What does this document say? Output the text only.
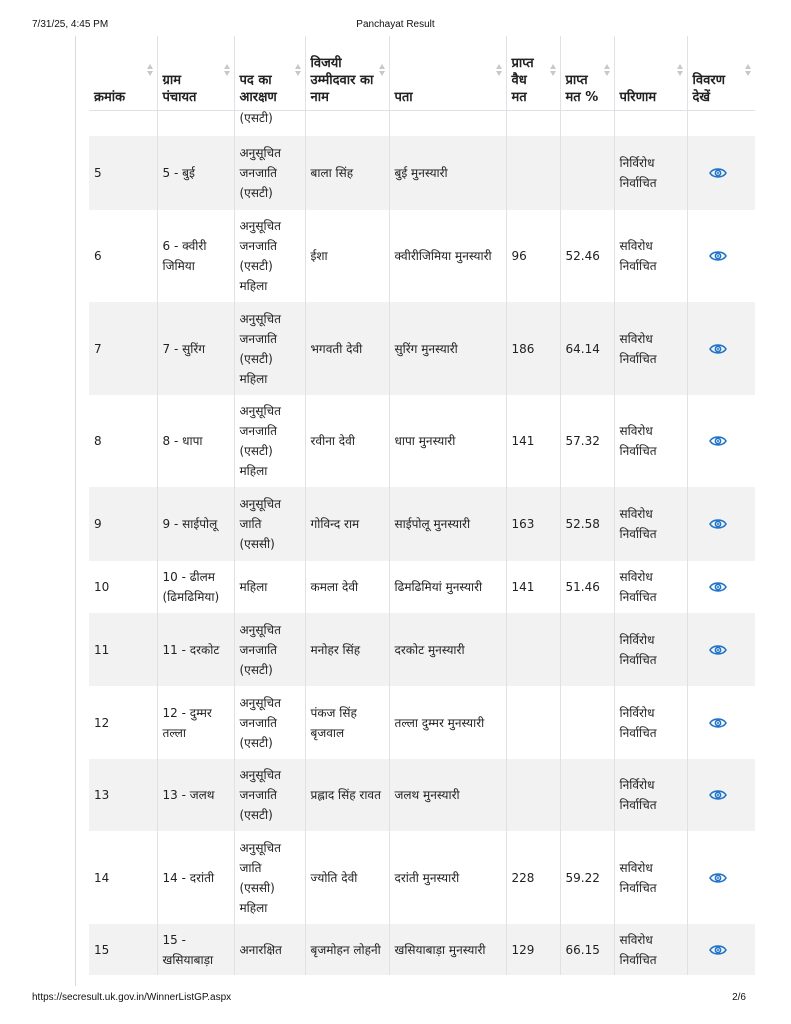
7/31/25, 4:45 PM	Panchayat Result
क्रमांक	ग्राम पंचायत	पद का आरक्षण	विजयी उम्मीदवार का नाम	पता	प्राप्त वैध मत	प्राप्त मत %	परिणाम	विवरण देखें

		(एसटी)						
5	5 - बुई	अनुसूचित जनजाति (एसटी)	बाला सिंह	बुई मुनस्यारी			निर्विरोध निर्वाचित	

6	6 - क्वीरी जिमिया	अनुसूचित जनजाति (एसटी) महिला	ईशा	क्वीरीजिमिया मुनस्यारी	96	52.46	सविरोध निर्वाचित	

7	7 - सुरिंग	अनुसूचित जनजाति (एसटी) महिला	भगवती देवी	सुरिंग मुनस्यारी	186	64.14	सविरोध निर्वाचित	

8	8 - धापा	अनुसूचित जनजाति (एसटी) महिला	रवीना देवी	धापा मुनस्यारी	141	57.32	सविरोध निर्वाचित	

9	9 - साईपोलू	अनुसूचित जाति (एससी)	गोविन्द राम	साईपोलू मुनस्यारी	163	52.58	सविरोध निर्वाचित	

10	10 - ढीलम (ढिमढिमिया)	महिला	कमला देवी	ढिमढिमियां मुनस्यारी	141	51.46	सविरोध निर्वाचित	

11	11 - दरकोट	अनुसूचित जनजाति (एसटी)	मनोहर सिंह	दरकोट मुनस्यारी			निर्विरोध निर्वाचित	

12	12 - दुम्मर तल्ला	अनुसूचित जनजाति (एसटी)	पंकज सिंह बृजवाल	तल्ला दुम्मर मुनस्यारी			निर्विरोध निर्वाचित	

13	13 - जलथ	अनुसूचित जनजाति (एसटी)	प्रह्लाद सिंह रावत	जलथ मुनस्यारी			निर्विरोध निर्वाचित	

14	14 - दरांती	अनुसूचित जाति (एससी) महिला	ज्योति देवी	दरांती मुनस्यारी	228	59.22	सविरोध निर्वाचित	

15	15 - खसियाबाड़ा	अनारक्षित	बृजमोहन लोहनी	खसियाबाड़ा मुनस्यारी	129	66.15	सविरोध निर्वाचित	
https://secresult.uk.gov.in/WinnerListGP.aspx	2/6
